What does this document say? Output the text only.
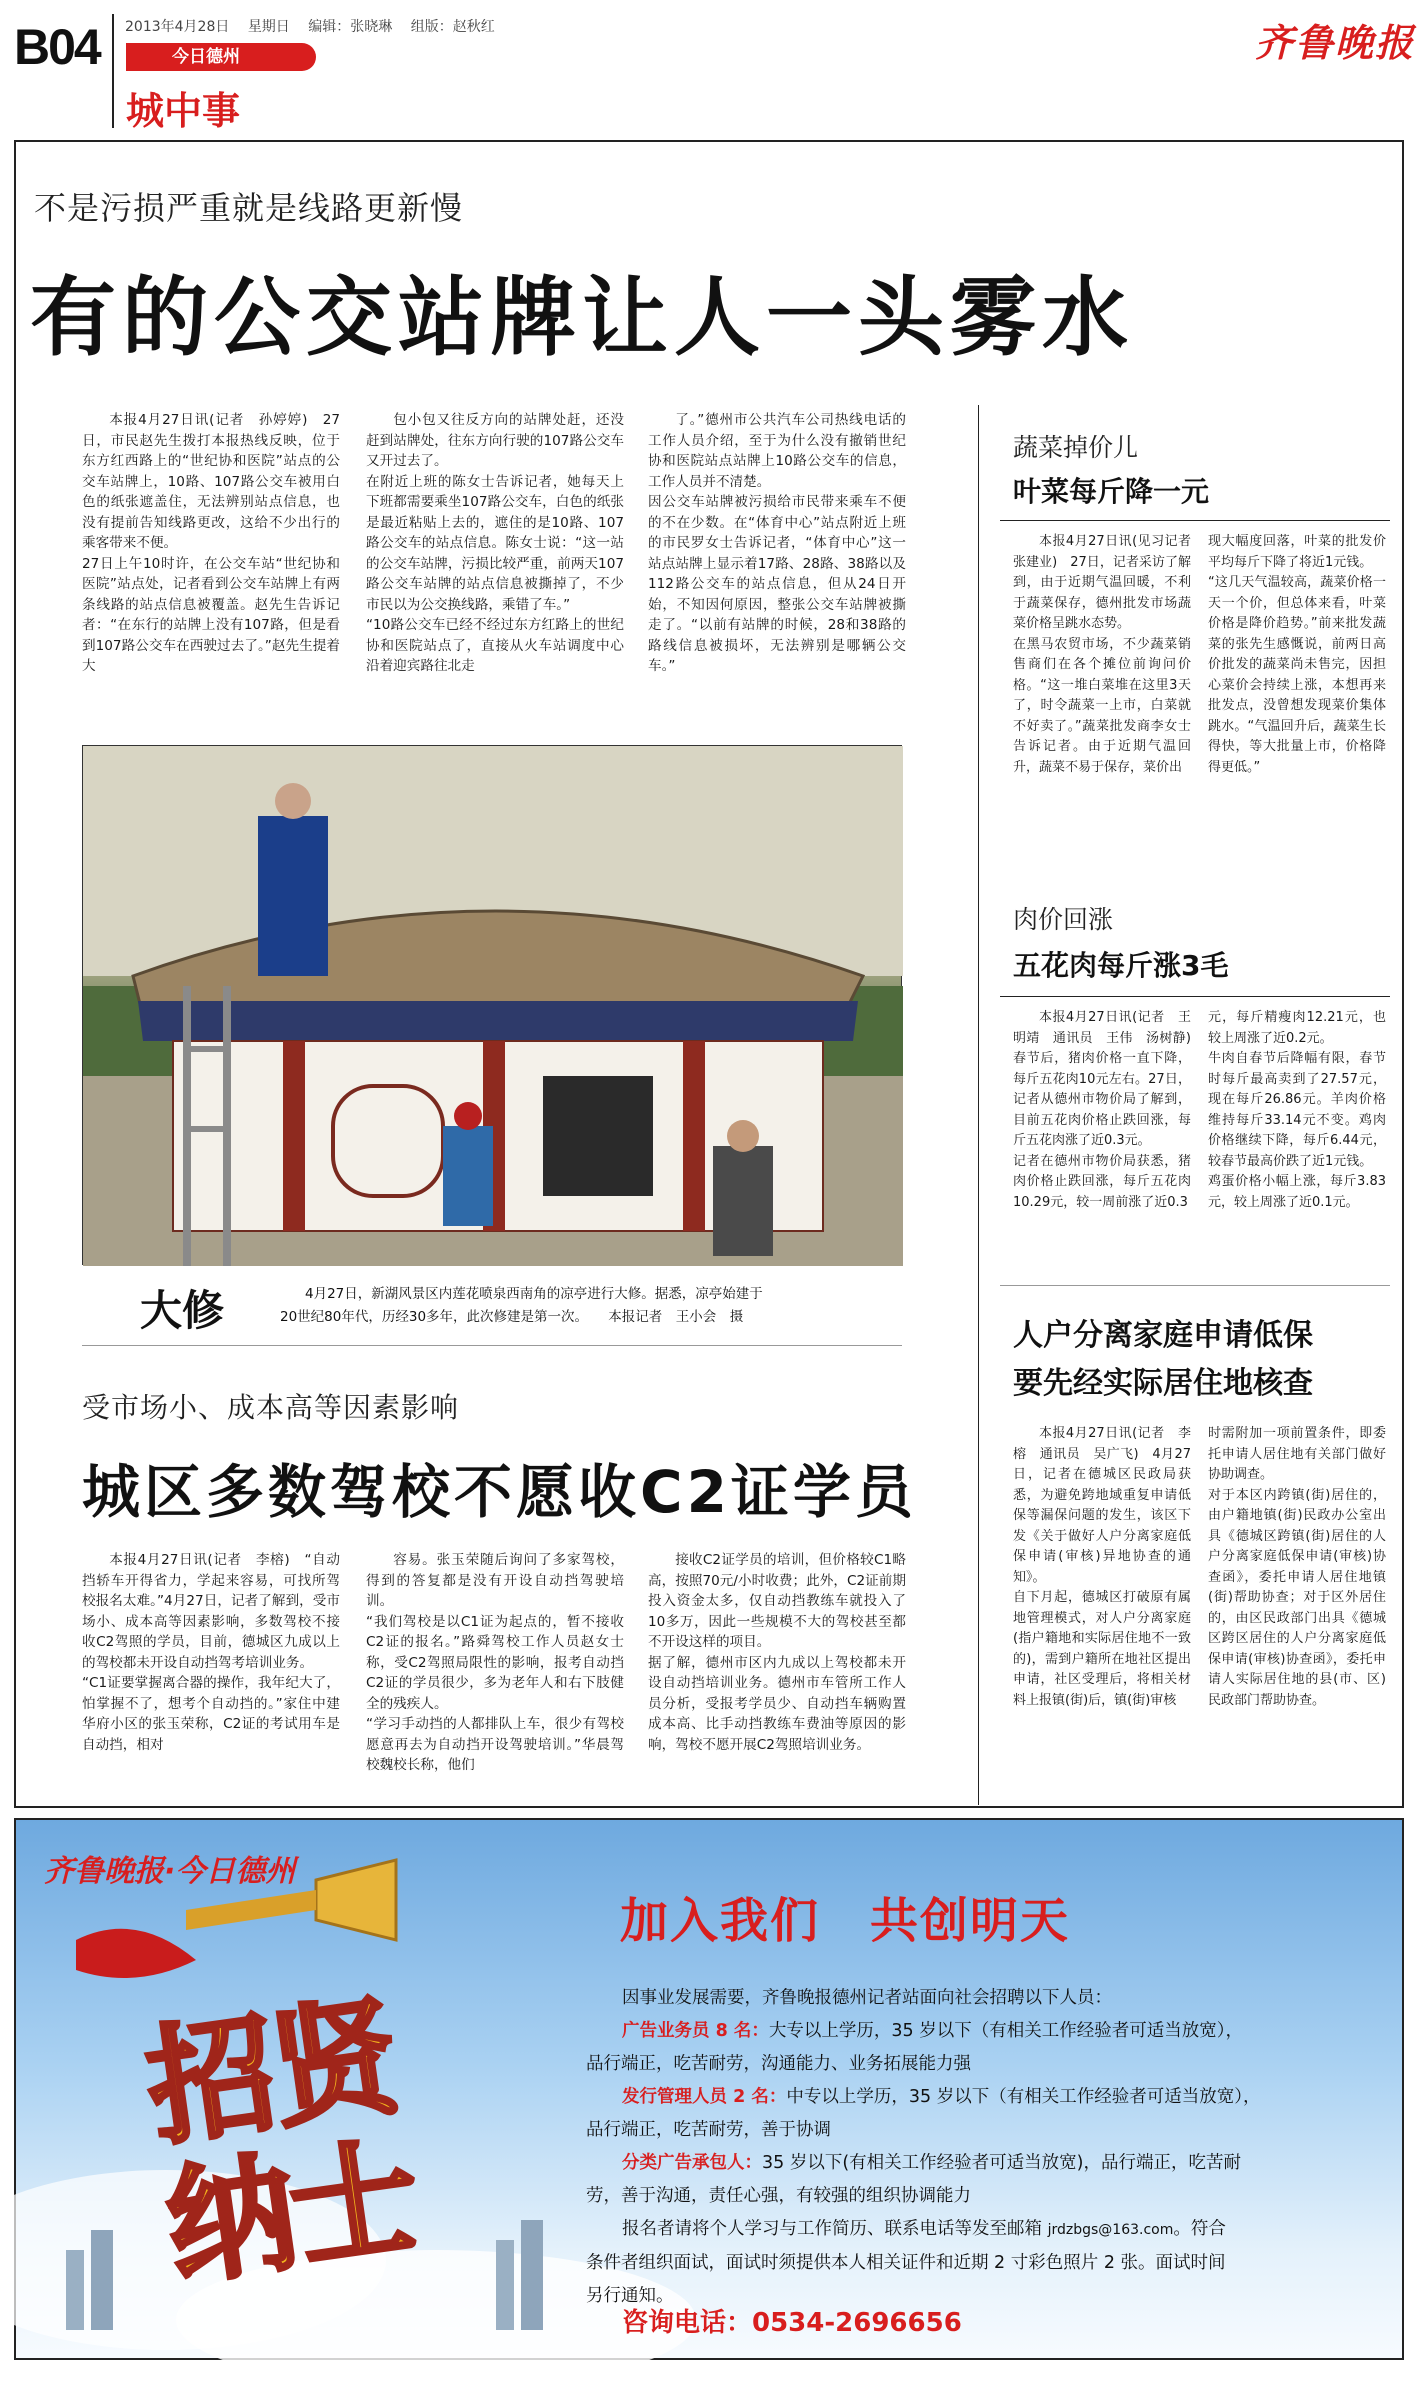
B04 2013年4月28日 星期日 编辑：张晓琳 组版：赵秋红
今日德州
城中事
齐鲁晚报
不是污损严重就是线路更新慢
有的公交站牌让人一头雾水
本报4月27日讯(记者　孙婷婷)　27日，市民赵先生拨打本报热线反映，位于东方红西路上的“世纪协和医院”站点的公交车站牌上，10路、107路公交车被用白色的纸张遮盖住，无法辨别站点信息，也没有提前告知线路更改，这给不少出行的乘客带来不便。
27日上午10时许，在公交车站“世纪协和医院”站点处，记者看到公交车站牌上有两条线路的站点信息被覆盖。赵先生告诉记者：“在东行的站牌上没有107路，但是看到107路公交车在西驶过去了。”赵先生提着大
包小包又往反方向的站牌处赶，还没赶到站牌处，往东方向行驶的107路公交车又开过去了。
在附近上班的陈女士告诉记者，她每天上下班都需要乘坐107路公交车，白色的纸张是最近粘贴上去的，遮住的是10路、107路公交车的站点信息。陈女士说：“这一站的公交车站牌，污损比较严重，前两天107路公交车站牌的站点信息被撕掉了，不少市民以为公交换线路，乘错了车。”
“10路公交车已经不经过东方红路上的世纪协和医院站点了，直接从火车站调度中心沿着迎宾路往北走
了。”德州市公共汽车公司热线电话的工作人员介绍，至于为什么没有撤销世纪协和医院站点站牌上10路公交车的信息，工作人员并不清楚。
因公交车站牌被污损给市民带来乘车不便的不在少数。在“体育中心”站点附近上班的市民罗女士告诉记者，“体育中心”这一站点站牌上显示着17路、28路、38路以及112路公交车的站点信息，但从24日开始，不知因何原因，整张公交车站牌被撕走了。“以前有站牌的时候，28和38路的路线信息被损坏，无法辨别是哪辆公交车。”
大修	4月27日，新湖风景区内莲花喷泉西南角的凉亭进行大修。据悉，凉亭始建于
20世纪80年代，历经30多年，此次修建是第一次。　　本报记者　王小会　摄
受市场小、成本高等因素影响
城区多数驾校不愿收C2证学员
本报4月27日讯(记者　李榕)　“自动挡轿车开得省力，学起来容易，可找所驾校报名太难。”4月27日，记者了解到，受市场小、成本高等因素影响，多数驾校不接收C2驾照的学员，目前，德城区九成以上的驾校都未开设自动挡驾考培训业务。
“C1证要掌握离合器的操作，我年纪大了，怕掌握不了，想考个自动挡的。”家住中建华府小区的张玉荣称，C2证的考试用车是自动挡，相对
容易。张玉荣随后询问了多家驾校，得到的答复都是没有开设自动挡驾驶培训。
“我们驾校是以C1证为起点的，暂不接收C2证的报名。”路舜驾校工作人员赵女士称，受C2驾照局限性的影响，报考自动挡C2证的学员很少，多为老年人和右下肢健全的残疾人。
“学习手动挡的人都排队上车，很少有驾校愿意再去为自动挡开设驾驶培训。”华晨驾校魏校长称，他们
接收C2证学员的培训，但价格较C1略高，按照70元/小时收费；此外，C2证前期投入资金太多，仅自动挡教练车就投入了10多万，因此一些规模不大的驾校甚至都不开设这样的项目。
据了解，德州市区内九成以上驾校都未开设自动挡培训业务。德州市车管所工作人员分析，受报考学员少、自动挡车辆购置成本高、比手动挡教练车费油等原因的影响，驾校不愿开展C2驾照培训业务。
蔬菜掉价儿
叶菜每斤降一元
本报4月27日讯(见习记者　张建业)　27日，记者采访了解到，由于近期气温回暖，不利于蔬菜保存，德州批发市场蔬菜价格呈跳水态势。
在黑马农贸市场，不少蔬菜销售商们在各个摊位前询问价格。“这一堆白菜堆在这里3天了，时令蔬菜一上市，白菜就不好卖了。”蔬菜批发商李女士告诉记者。由于近期气温回升，蔬菜不易于保存，菜价出
现大幅度回落，叶菜的批发价平均每斤下降了将近1元钱。
“这几天气温较高，蔬菜价格一天一个价，但总体来看，叶菜价格是降价趋势。”前来批发蔬菜的张先生感慨说，前两日高价批发的蔬菜尚未售完，因担心菜价会持续上涨，本想再来批发点，没曾想发现菜价集体跳水。“气温回升后，蔬菜生长得快，等大批量上市，价格降得更低。”
肉价回涨
五花肉每斤涨3毛
本报4月27日讯(记者　王明靖　通讯员　王伟　汤树静)　春节后，猪肉价格一直下降，每斤五花肉10元左右。27日，记者从德州市物价局了解到，目前五花肉价格止跌回涨，每斤五花肉涨了近0.3元。
记者在德州市物价局获悉，猪肉价格止跌回涨，每斤五花肉10.29元，较一周前涨了近0.3
元，每斤精瘦肉12.21元，也较上周涨了近0.2元。
牛肉自春节后降幅有限，春节时每斤最高卖到了27.57元，现在每斤26.86元。羊肉价格维持每斤33.14元不变。鸡肉价格继续下降，每斤6.44元，较春节最高价跌了近1元钱。
鸡蛋价格小幅上涨，每斤3.83元，较上周涨了近0.1元。
人户分离家庭申请低保
要先经实际居住地核查
本报4月27日讯(记者　李榕　通讯员　吴广飞)　4月27日，记者在德城区民政局获悉，为避免跨地域重复申请低保等漏保问题的发生，该区下发《关于做好人户分离家庭低保申请(审核)异地协查的通知》。
自下月起，德城区打破原有属地管理模式，对人户分离家庭(指户籍地和实际居住地不一致的)，需到户籍所在地社区提出申请，社区受理后，将相关材料上报镇(街)后，镇(街)审核
时需附加一项前置条件，即委托申请人居住地有关部门做好协助调查。
对于本区内跨镇(街)居住的，由户籍地镇(街)民政办公室出具《德城区跨镇(街)居住的人户分离家庭低保申请(审核)协查函》，委托申请人居住地镇(街)帮助协查；对于区外居住的，由区民政部门出具《德城区跨区居住的人户分离家庭低保申请(审核)协查函》，委托申请人实际居住地的县(市、区)民政部门帮助协查。
齐鲁晚报·今日德州
招贤
纳士
加入我们　共创明天
因事业发展需要，齐鲁晚报德州记者站面向社会招聘以下人员：
广告业务员 8 名：大专以上学历，35 岁以下（有相关工作经验者可适当放宽），
品行端正，吃苦耐劳，沟通能力、业务拓展能力强
发行管理人员 2 名：中专以上学历，35 岁以下（有相关工作经验者可适当放宽），
品行端正，吃苦耐劳，善于协调
分类广告承包人：35 岁以下(有相关工作经验者可适当放宽)，品行端正，吃苦耐
劳，善于沟通，责任心强，有较强的组织协调能力
报名者请将个人学习与工作简历、联系电话等发至邮箱 jrdzbgs@163.com。符合
条件者组织面试，面试时须提供本人相关证件和近期 2 寸彩色照片 2 张。面试时间
另行通知。
咨询电话：0534-2696656
